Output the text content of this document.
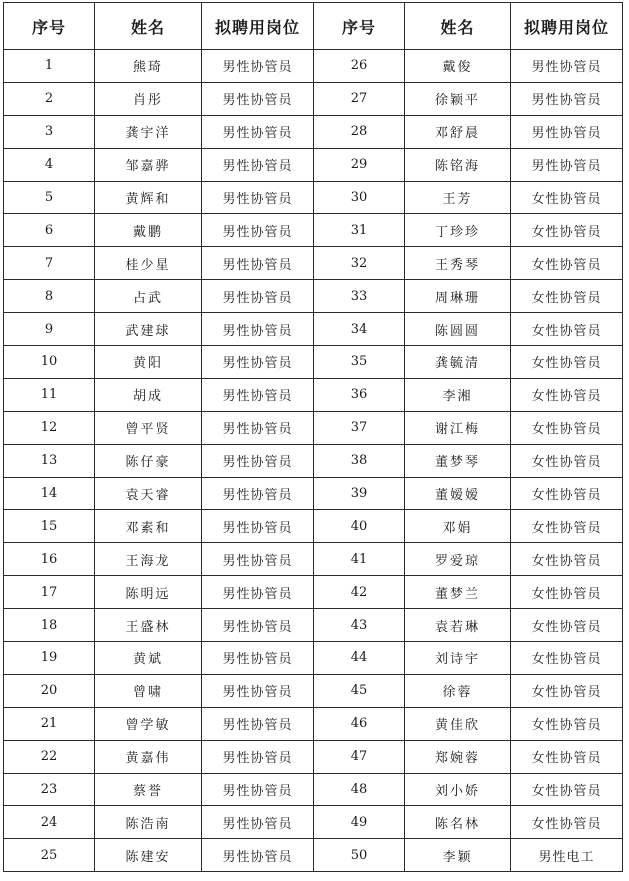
序号	姓名	拟聘用岗位	序号	姓名	拟聘用岗位
1	熊琦	男性协管员	26	戴俊	男性协管员
2	肖彤	男性协管员	27	徐颖平	男性协管员
3	龚宇洋	男性协管员	28	邓舒晨	男性协管员
4	邹嘉骅	男性协管员	29	陈铭海	男性协管员
5	黄辉和	男性协管员	30	王芳	女性协管员
6	戴鹏	男性协管员	31	丁珍珍	女性协管员
7	桂少星	男性协管员	32	王秀琴	女性协管员
8	占武	男性协管员	33	周琳珊	女性协管员
9	武建球	男性协管员	34	陈圆圆	女性协管员
10	黄阳	男性协管员	35	龚毓清	女性协管员
11	胡成	男性协管员	36	李湘	女性协管员
12	曾平贤	男性协管员	37	谢江梅	女性协管员
13	陈仔豪	男性协管员	38	董梦琴	女性协管员
14	袁天睿	男性协管员	39	董嫒嫒	女性协管员
15	邓素和	男性协管员	40	邓娟	女性协管员
16	王海龙	男性协管员	41	罗爱琼	女性协管员
17	陈明远	男性协管员	42	董梦兰	女性协管员
18	王盛林	男性协管员	43	袁若琳	女性协管员
19	黄斌	男性协管员	44	刘诗宇	女性协管员
20	曾啸	男性协管员	45	徐蓉	女性协管员
21	曾学敏	男性协管员	46	黄佳欣	女性协管员
22	黄嘉伟	男性协管员	47	郑婉蓉	女性协管员
23	蔡誉	男性协管员	48	刘小娇	女性协管员
24	陈浩南	男性协管员	49	陈名林	女性协管员
25	陈建安	男性协管员	50	李颖	男性电工
